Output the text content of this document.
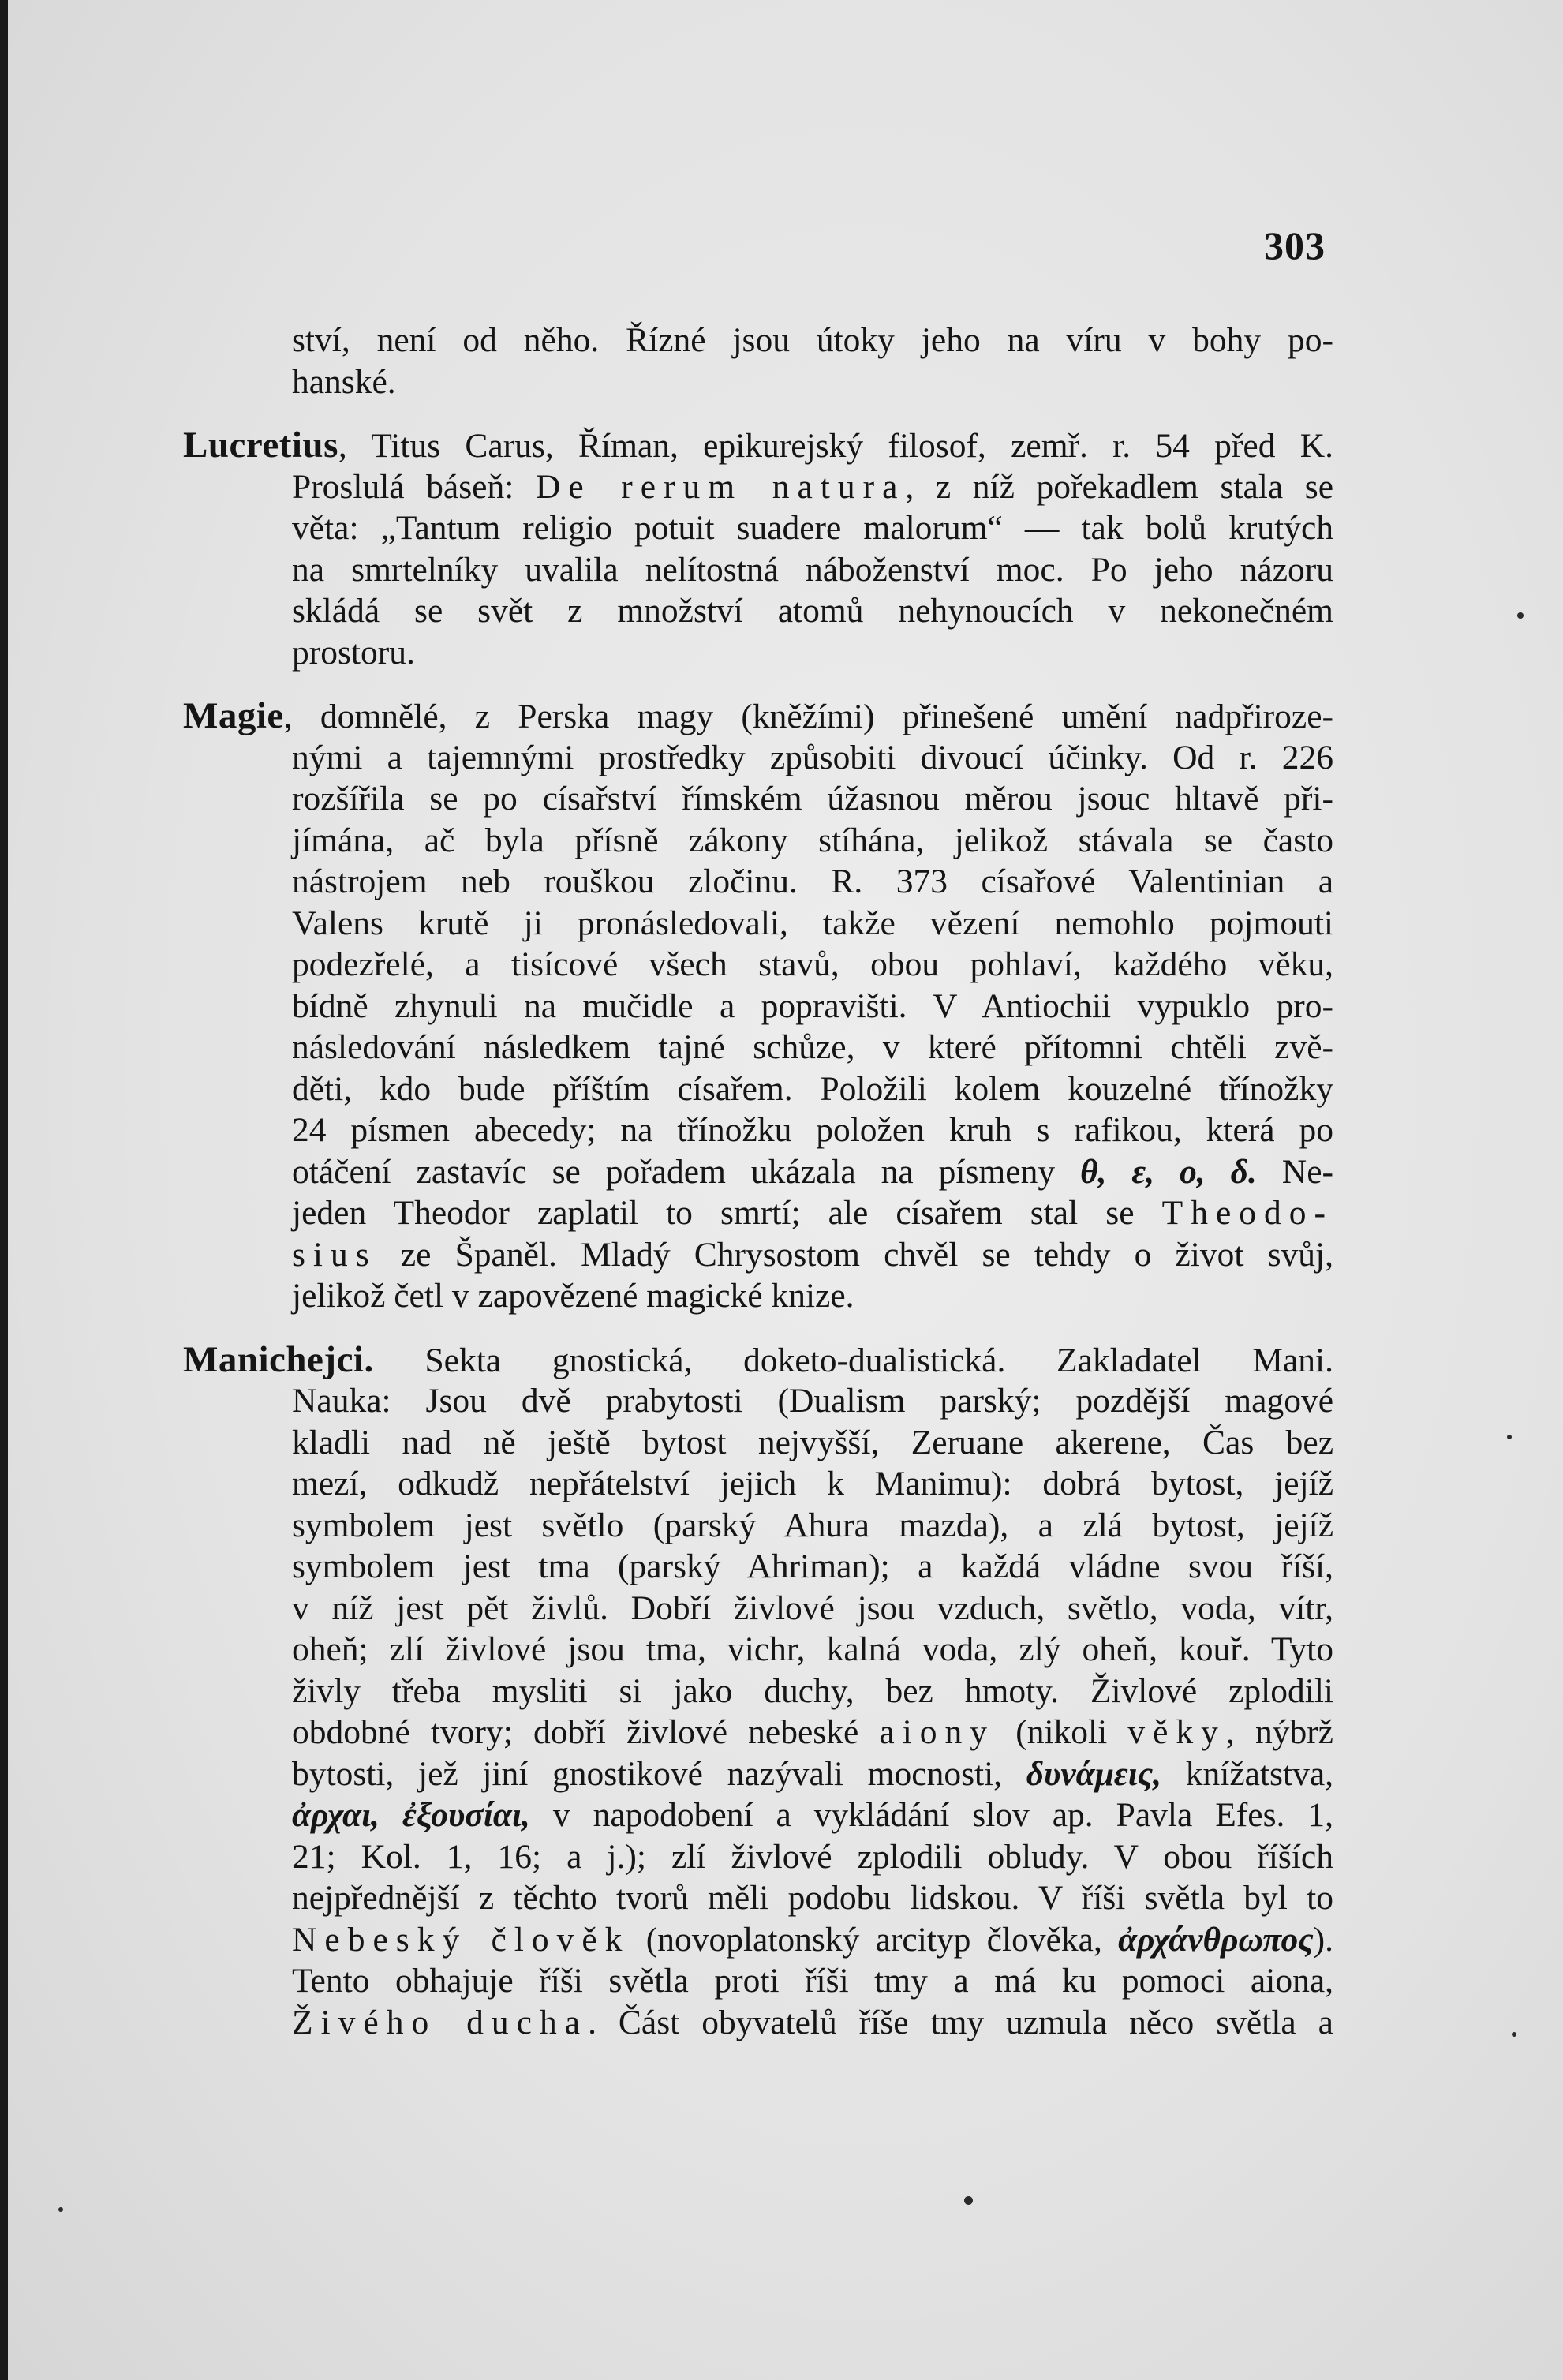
303
ství, není od něho. Řízné jsou útoky jeho na víru v bohy po-
hanské.
Lucretius, Titus Carus, Říman, epikurejský filosof, zemř. r. 54 před K.
Proslulá báseň: De rerum natura, z níž pořekadlem stala se
věta: „Tantum religio potuit suadere malorum“ — tak bolů krutých
na smrtelníky uvalila nelítostná náboženství moc. Po jeho názoru
skládá se svět z množství atomů nehynoucích v nekonečném
prostoru.
Magie, domnělé, z Perska magy (kněžími) přinešené umění nadpřiroze-
nými a tajemnými prostředky způsobiti divoucí účinky. Od r. 226
rozšířila se po císařství římském úžasnou měrou jsouc hltavě při-
jímána, ač byla přísně zákony stíhána, jelikož stávala se často
nástrojem neb rouškou zločinu. R. 373 císařové Valentinian a
Valens krutě ji pronásledovali, takže vězení nemohlo pojmouti
podezřelé, a tisícové všech stavů, obou pohlaví, každého věku,
bídně zhynuli na mučidle a popravišti. V Antiochii vypuklo pro-
následování následkem tajné schůze, v které přítomni chtěli zvě-
děti, kdo bude příštím císařem. Položili kolem kouzelné třínožky
24 písmen abecedy; na třínožku položen kruh s rafikou, která po
otáčení zastavíc se pořadem ukázala na písmeny θ, ε, ο, δ. Ne-
jeden Theodor zaplatil to smrtí; ale císařem stal se Theodo-
sius ze Španěl. Mladý Chrysostom chvěl se tehdy o život svůj,
jelikož četl v zapovězené magické knize.
Manichejci. Sekta gnostická, doketo-dualistická. Zakladatel Mani.
Nauka: Jsou dvě prabytosti (Dualism parský; pozdější magové
kladli nad ně ještě bytost nejvyšší, Zeruane akerene, Čas bez
mezí, odkudž nepřátelství jejich k Manimu): dobrá bytost, jejíž
symbolem jest světlo (parský Ahura mazda), a zlá bytost, jejíž
symbolem jest tma (parský Ahriman); a každá vládne svou říší,
v níž jest pět živlů. Dobří živlové jsou vzduch, světlo, voda, vítr,
oheň; zlí živlové jsou tma, vichr, kalná voda, zlý oheň, kouř. Tyto
živly třeba mysliti si jako duchy, bez hmoty. Živlové zplodili
obdobné tvory; dobří živlové nebeské aiony (nikoli věky, nýbrž
bytosti, jež jiní gnostikové nazývali mocnosti, δυνάμεις, knížatstva,
ἀρχαι, ἐξουσίαι, v napodobení a vykládání slov ap. Pavla Efes. 1,
21; Kol. 1, 16; a j.); zlí živlové zplodili obludy. V obou říších
nejpřednější z těchto tvorů měli podobu lidskou. V říši světla byl to
Nebeský člověk (novoplatonský arcityp člověka, ἀρχάνθρωπος).
Tento obhajuje říši světla proti říši tmy a má ku pomoci aiona,
Živého ducha. Část obyvatelů říše tmy uzmula něco světla a
